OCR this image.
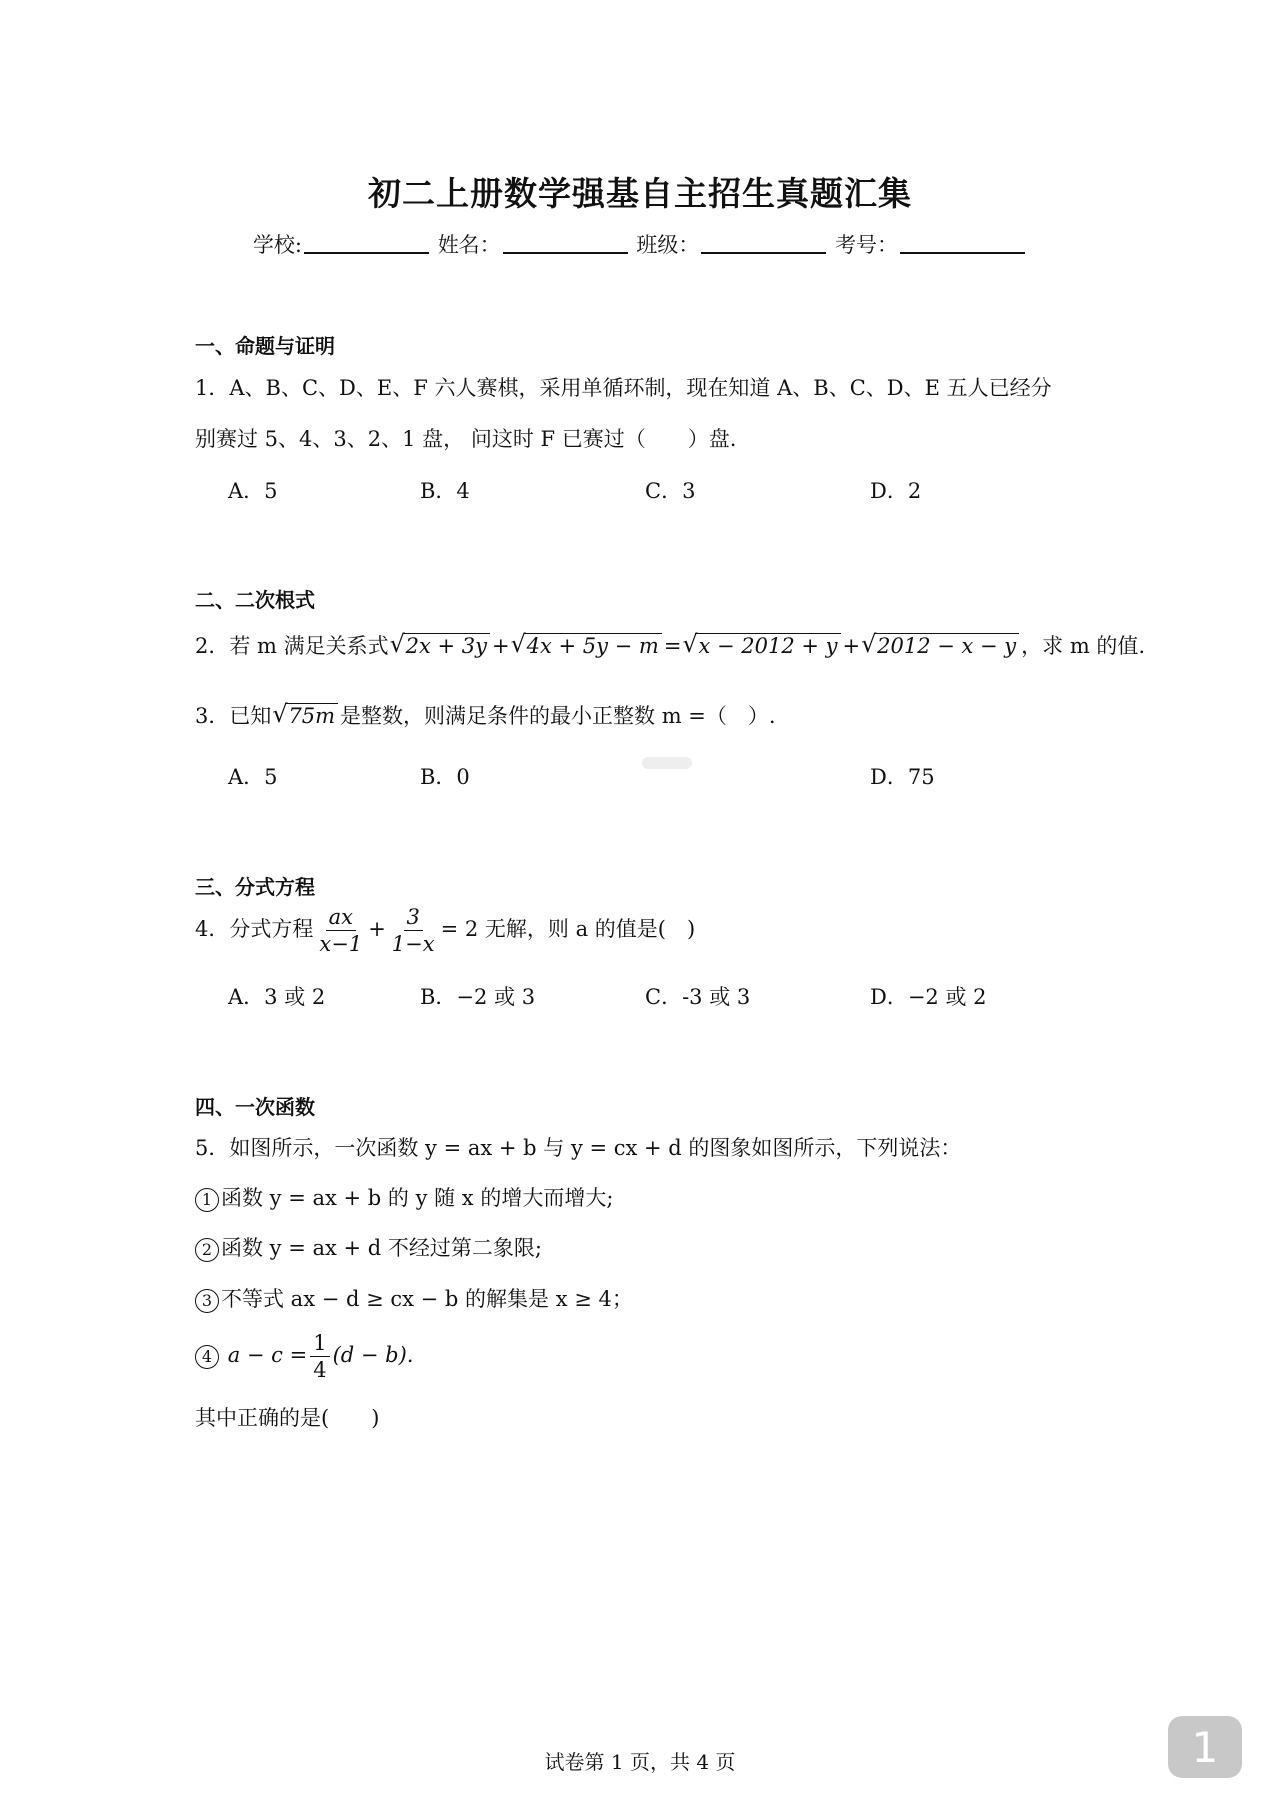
初二上册数学强基自主招生真题汇集
学校:	姓名：	班级：	考号：
一、命题与证明
1．A、B、C、D、E、F 六人赛棋，采用单循环制，现在知道 A、B、C、D、E 五人已经分
别赛过 5、4、3、2、1 盘， 问这时 F 已赛过（　　）盘.
A．5	B．4	C．3	D．2
二、二次根式
2．若 m 满足关系式 √ 2x + 3y + √ 4x + 5y − m = √ x − 2012 + y + √ 2012 − x − y ，求 m 的值.
3．已知 √ 75m 是整数，则满足条件的最小正整数 m =（　）.
A．5	B．0	D．75
三、分式方程
4．分式方程 $\frac{ax}{x-1} + \frac{3}{1-x} = 2$ 无解，则 a 的值是(　)
A．3 或 2	B．−2 或 3	C．-3 或 3	D．−2 或 2
四、一次函数
5．如图所示，一次函数 y = ax + b 与 y = cx + d 的图象如图所示，下列说法：
1 函数 y = ax + b 的 y 随 x 的增大而增大;
2 函数 y = ax + d 不经过第二象限;
3 不等式 ax − d ≥ cx − b 的解集是 x ≥ 4；
4 $a - c = \frac{1}{4} (d - b)$.
其中正确的是(　　)
试卷第 1 页，共 4 页	1
